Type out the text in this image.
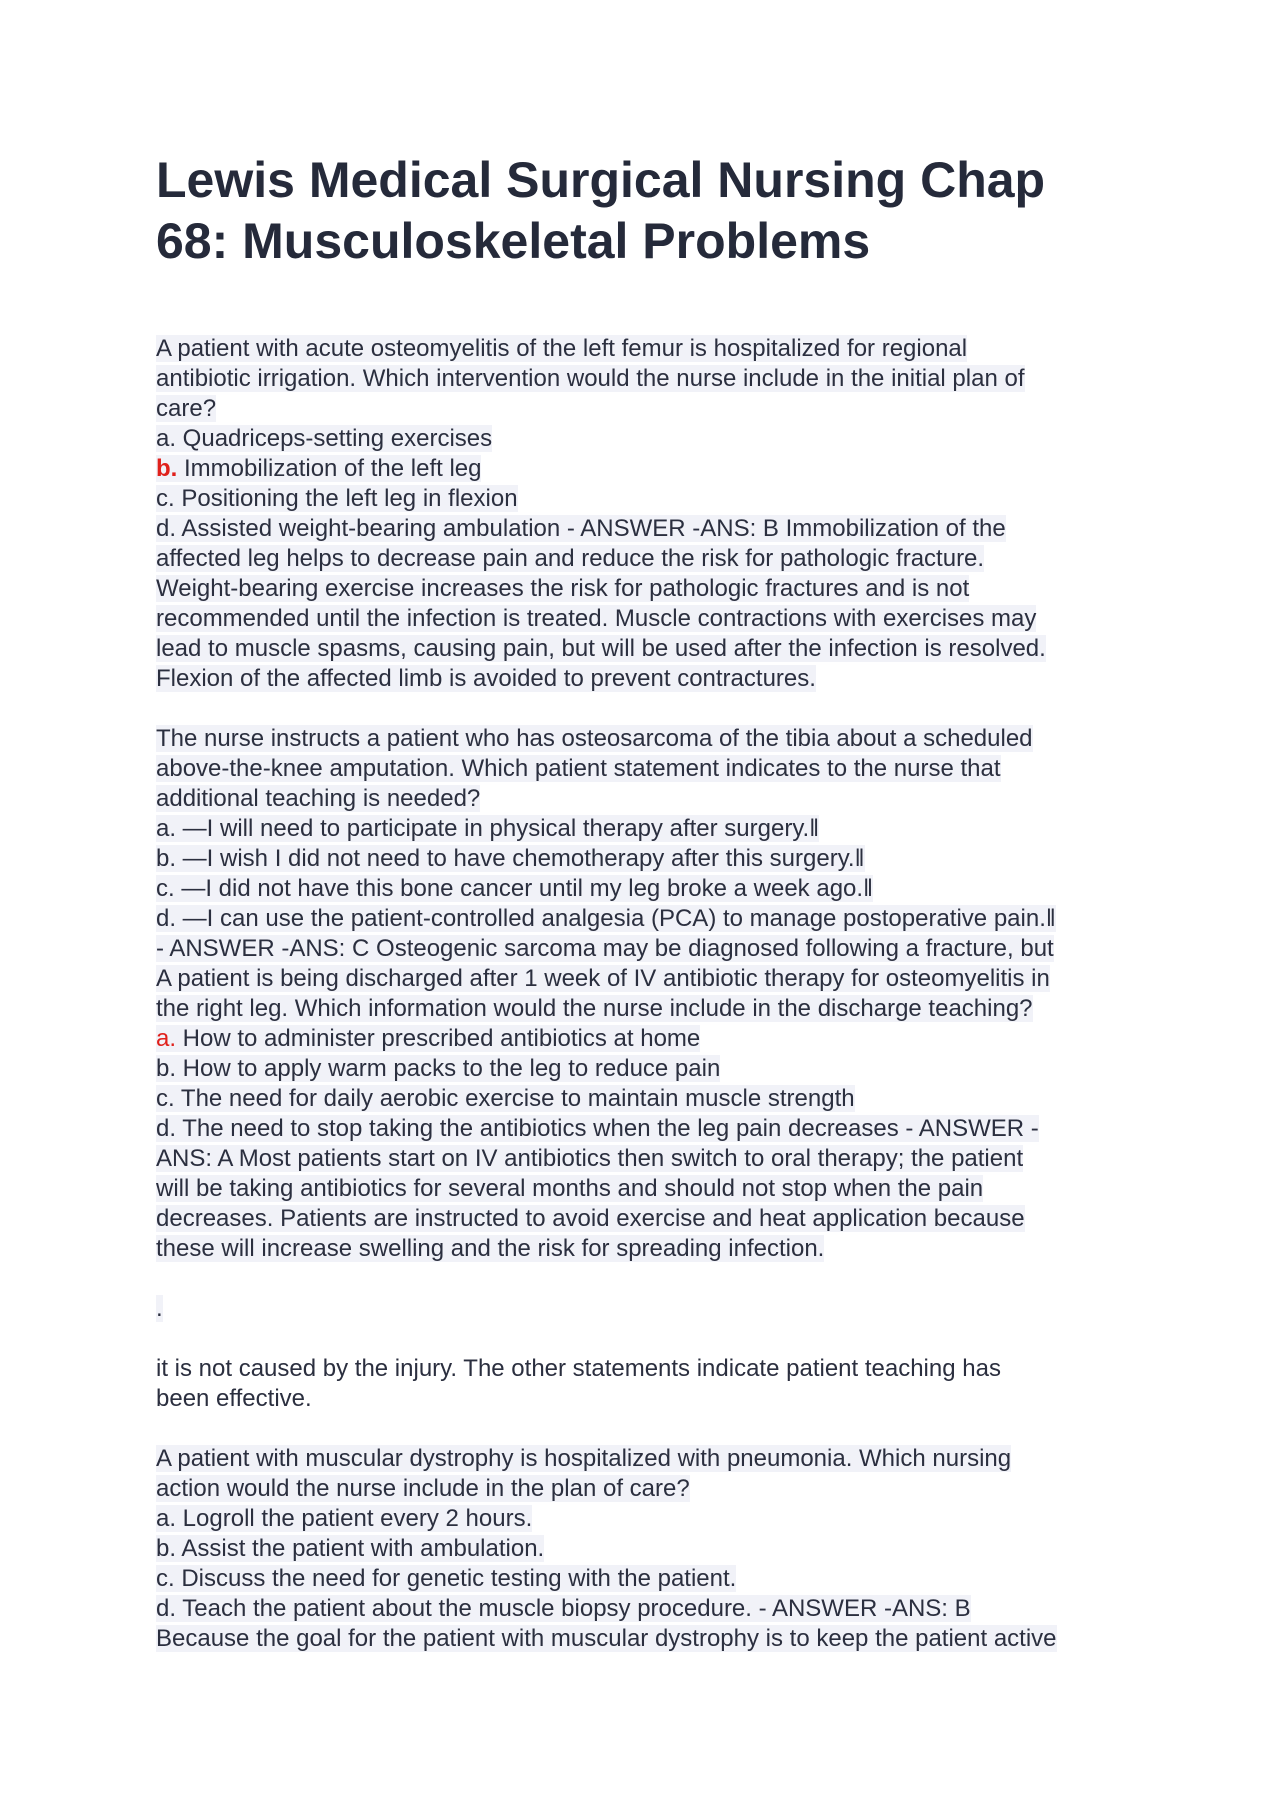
Lewis Medical Surgical Nursing Chap
68: Musculoskeletal Problems
A patient with acute osteomyelitis of the left femur is hospitalized for regional
antibiotic irrigation. Which intervention would the nurse include in the initial plan of
care?
a. Quadriceps-setting exercises
b. Immobilization of the left leg
c. Positioning the left leg in flexion
d. Assisted weight-bearing ambulation - ANSWER -ANS: B Immobilization of the
affected leg helps to decrease pain and reduce the risk for pathologic fracture.
Weight-bearing exercise increases the risk for pathologic fractures and is not
recommended until the infection is treated. Muscle contractions with exercises may
lead to muscle spasms, causing pain, but will be used after the infection is resolved.
Flexion of the affected limb is avoided to prevent contractures.
The nurse instructs a patient who has osteosarcoma of the tibia about a scheduled
above-the-knee amputation. Which patient statement indicates to the nurse that
additional teaching is needed?
a. ―I will need to participate in physical therapy after surgery.‖
b. ―I wish I did not need to have chemotherapy after this surgery.‖
c. ―I did not have this bone cancer until my leg broke a week ago.‖
d. ―I can use the patient-controlled analgesia (PCA) to manage postoperative pain.‖
- ANSWER -ANS: C Osteogenic sarcoma may be diagnosed following a fracture, but
A patient is being discharged after 1 week of IV antibiotic therapy for osteomyelitis in
the right leg. Which information would the nurse include in the discharge teaching?
a. How to administer prescribed antibiotics at home
b. How to apply warm packs to the leg to reduce pain
c. The need for daily aerobic exercise to maintain muscle strength
d. The need to stop taking the antibiotics when the leg pain decreases - ANSWER -
ANS: A Most patients start on IV antibiotics then switch to oral therapy; the patient
will be taking antibiotics for several months and should not stop when the pain
decreases. Patients are instructed to avoid exercise and heat application because
these will increase swelling and the risk for spreading infection.
.
it is not caused by the injury. The other statements indicate patient teaching has
been effective.
A patient with muscular dystrophy is hospitalized with pneumonia. Which nursing
action would the nurse include in the plan of care?
a. Logroll the patient every 2 hours.
b. Assist the patient with ambulation.
c. Discuss the need for genetic testing with the patient.
d. Teach the patient about the muscle biopsy procedure. - ANSWER -ANS: B
Because the goal for the patient with muscular dystrophy is to keep the patient active
